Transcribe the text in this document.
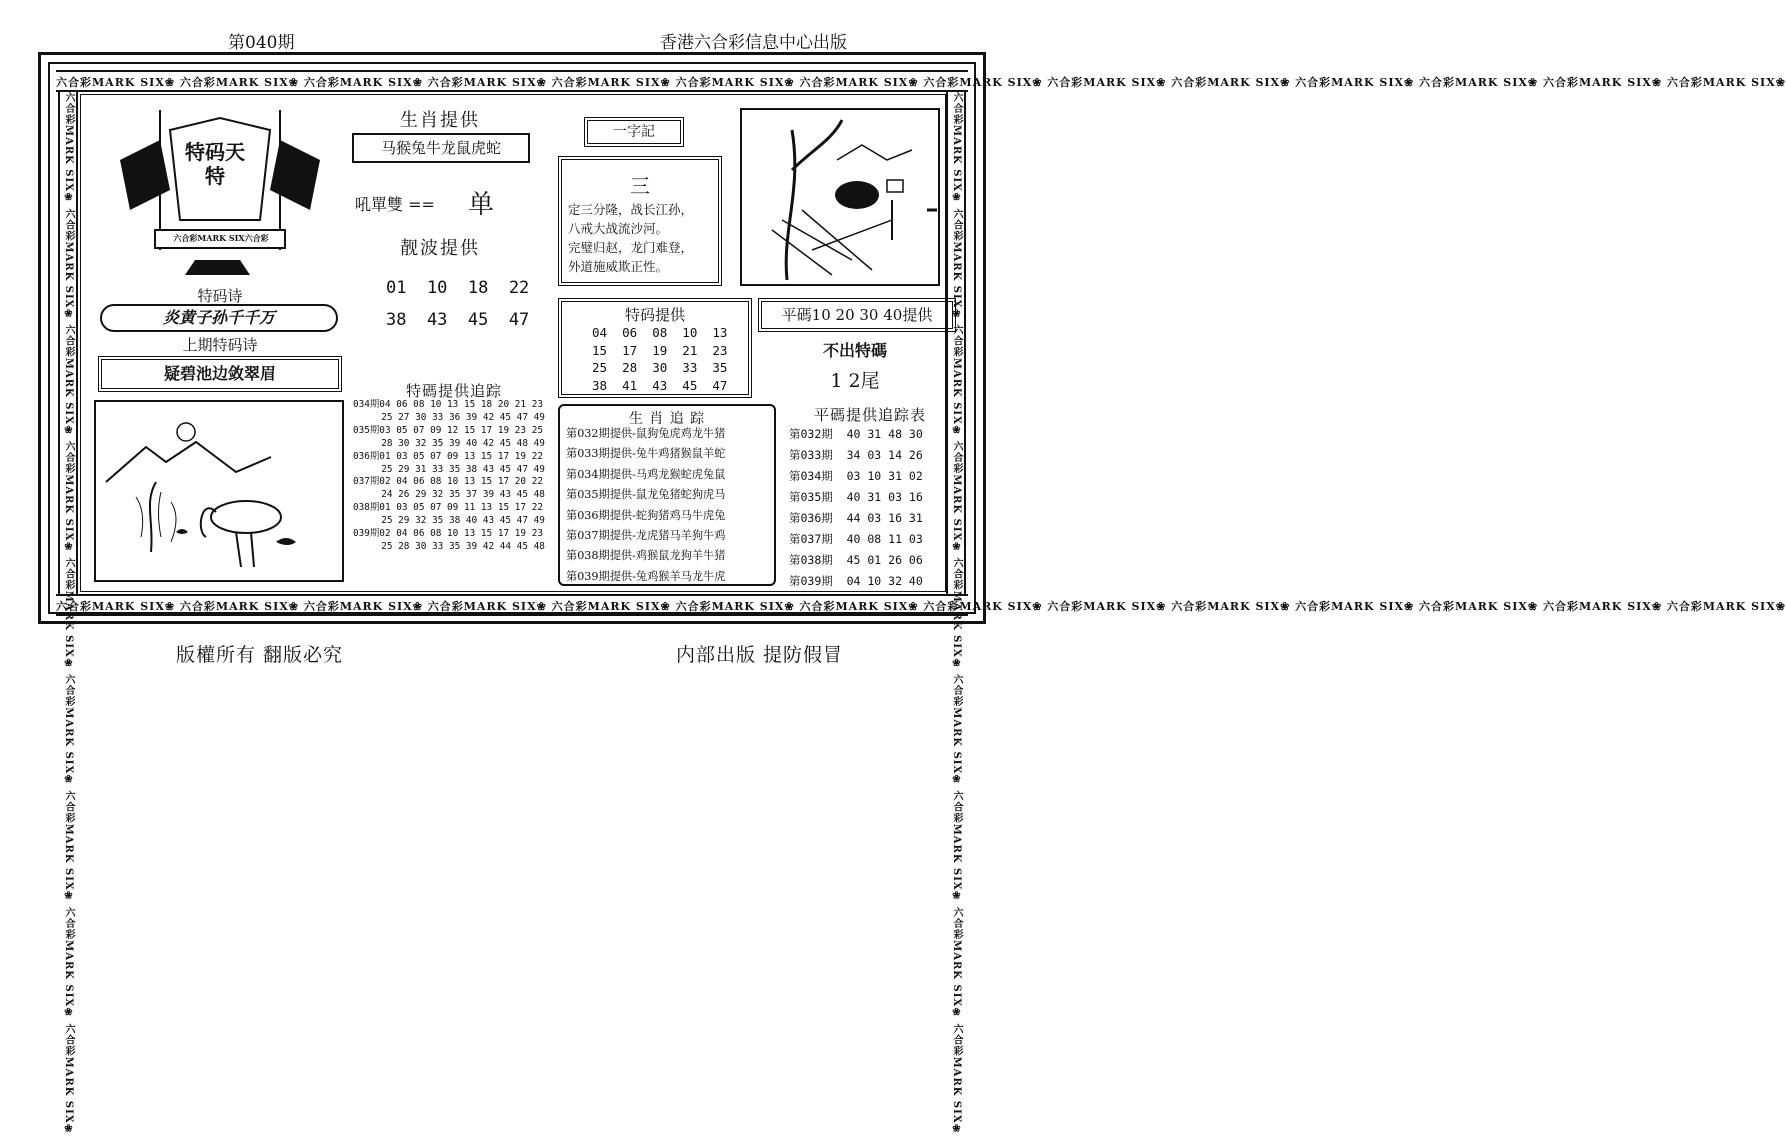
第040期	香港六合彩信息中心出版
六合彩MARK SIX❀ 六合彩MARK SIX❀ 六合彩MARK SIX❀ 六合彩MARK SIX❀ 六合彩MARK SIX❀ 六合彩MARK SIX❀ 六合彩MARK SIX❀ 六合彩MARK SIX❀ 六合彩MARK SIX❀ 六合彩MARK SIX❀ 六合彩MARK SIX❀ 六合彩MARK SIX❀ 六合彩MARK SIX❀ 六合彩MARK SIX❀
六合彩MARK SIX❀ 六合彩MARK SIX❀ 六合彩MARK SIX❀ 六合彩MARK SIX❀ 六合彩MARK SIX❀ 六合彩MARK SIX❀ 六合彩MARK SIX❀ 六合彩MARK SIX❀ 六合彩MARK SIX❀ 六合彩MARK SIX❀ 六合彩MARK SIX❀ 六合彩MARK SIX❀ 六合彩MARK SIX❀ 六合彩MARK SIX❀
六合彩MARK SIX❀ 六合彩MARK SIX❀ 六合彩MARK SIX❀ 六合彩MARK SIX❀ 六合彩MARK SIX❀ 六合彩MARK SIX❀ 六合彩MARK SIX❀ 六合彩MARK SIX❀ 六合彩MARK SIX❀	六合彩MARK SIX❀ 六合彩MARK SIX❀ 六合彩MARK SIX❀ 六合彩MARK SIX❀ 六合彩MARK SIX❀ 六合彩MARK SIX❀ 六合彩MARK SIX❀ 六合彩MARK SIX❀ 六合彩MARK SIX❀
特码天特
六合彩MARK SIX六合彩
特码诗
炎黄子孙千千万
上期特码诗
疑碧池边敛翠眉
生肖提供
马猴兔牛龙鼠虎蛇
吼單雙 == 单
靓波提供
01  10  18  22
38  43  45  47
特碼提供追踪
034期04 06 08 10 13 15 18 20 21 23
25 27 30 33 36 39 42 45 47 49
035期03 05 07 09 12 15 17 19 23 25
28 30 32 35 39 40 42 45 48 49
036期01 03 05 07 09 13 15 17 19 22
25 29 31 33 35 38 43 45 47 49
037期02 04 06 08 10 13 15 17 20 22
24 26 29 32 35 37 39 43 45 48
038期01 03 05 07 09 11 13 15 17 22
25 29 32 35 38 40 43 45 47 49
039期02 04 06 08 10 13 15 17 19 23
25 28 30 33 35 39 42 44 45 48
一字記
三
定三分隆，战长江孙，
八戒大战流沙河。
完璧归赵，龙门难登，
外道施威欺正性。
特码提供
04  06  08  10  13
15  17  19  21  23
25  28  30  33  35
38  41  43  45  47
生 肖 追 踪
第032期提供-鼠狗兔虎鸡龙牛猪
第033期提供-兔牛鸡猪猴鼠羊蛇
第034期提供-马鸡龙猴蛇虎兔鼠
第035期提供-鼠龙兔猪蛇狗虎马
第036期提供-蛇狗猪鸡马牛虎兔
第037期提供-龙虎猪马羊狗牛鸡
第038期提供-鸡猴鼠龙狗羊牛猪
第039期提供-兔鸡猴羊马龙牛虎
平碼10 20 30 40提供
不出特碼
1 2尾
平碼提供追踪表
第032期  40 31 48 30
第033期  34 03 14 26
第034期  03 10 31 02
第035期  40 31 03 16
第036期  44 03 16 31
第037期  40 08 11 03
第038期  45 01 26 06
第039期  04 10 32 40
版權所有 翻版必究	内部出版 提防假冒
